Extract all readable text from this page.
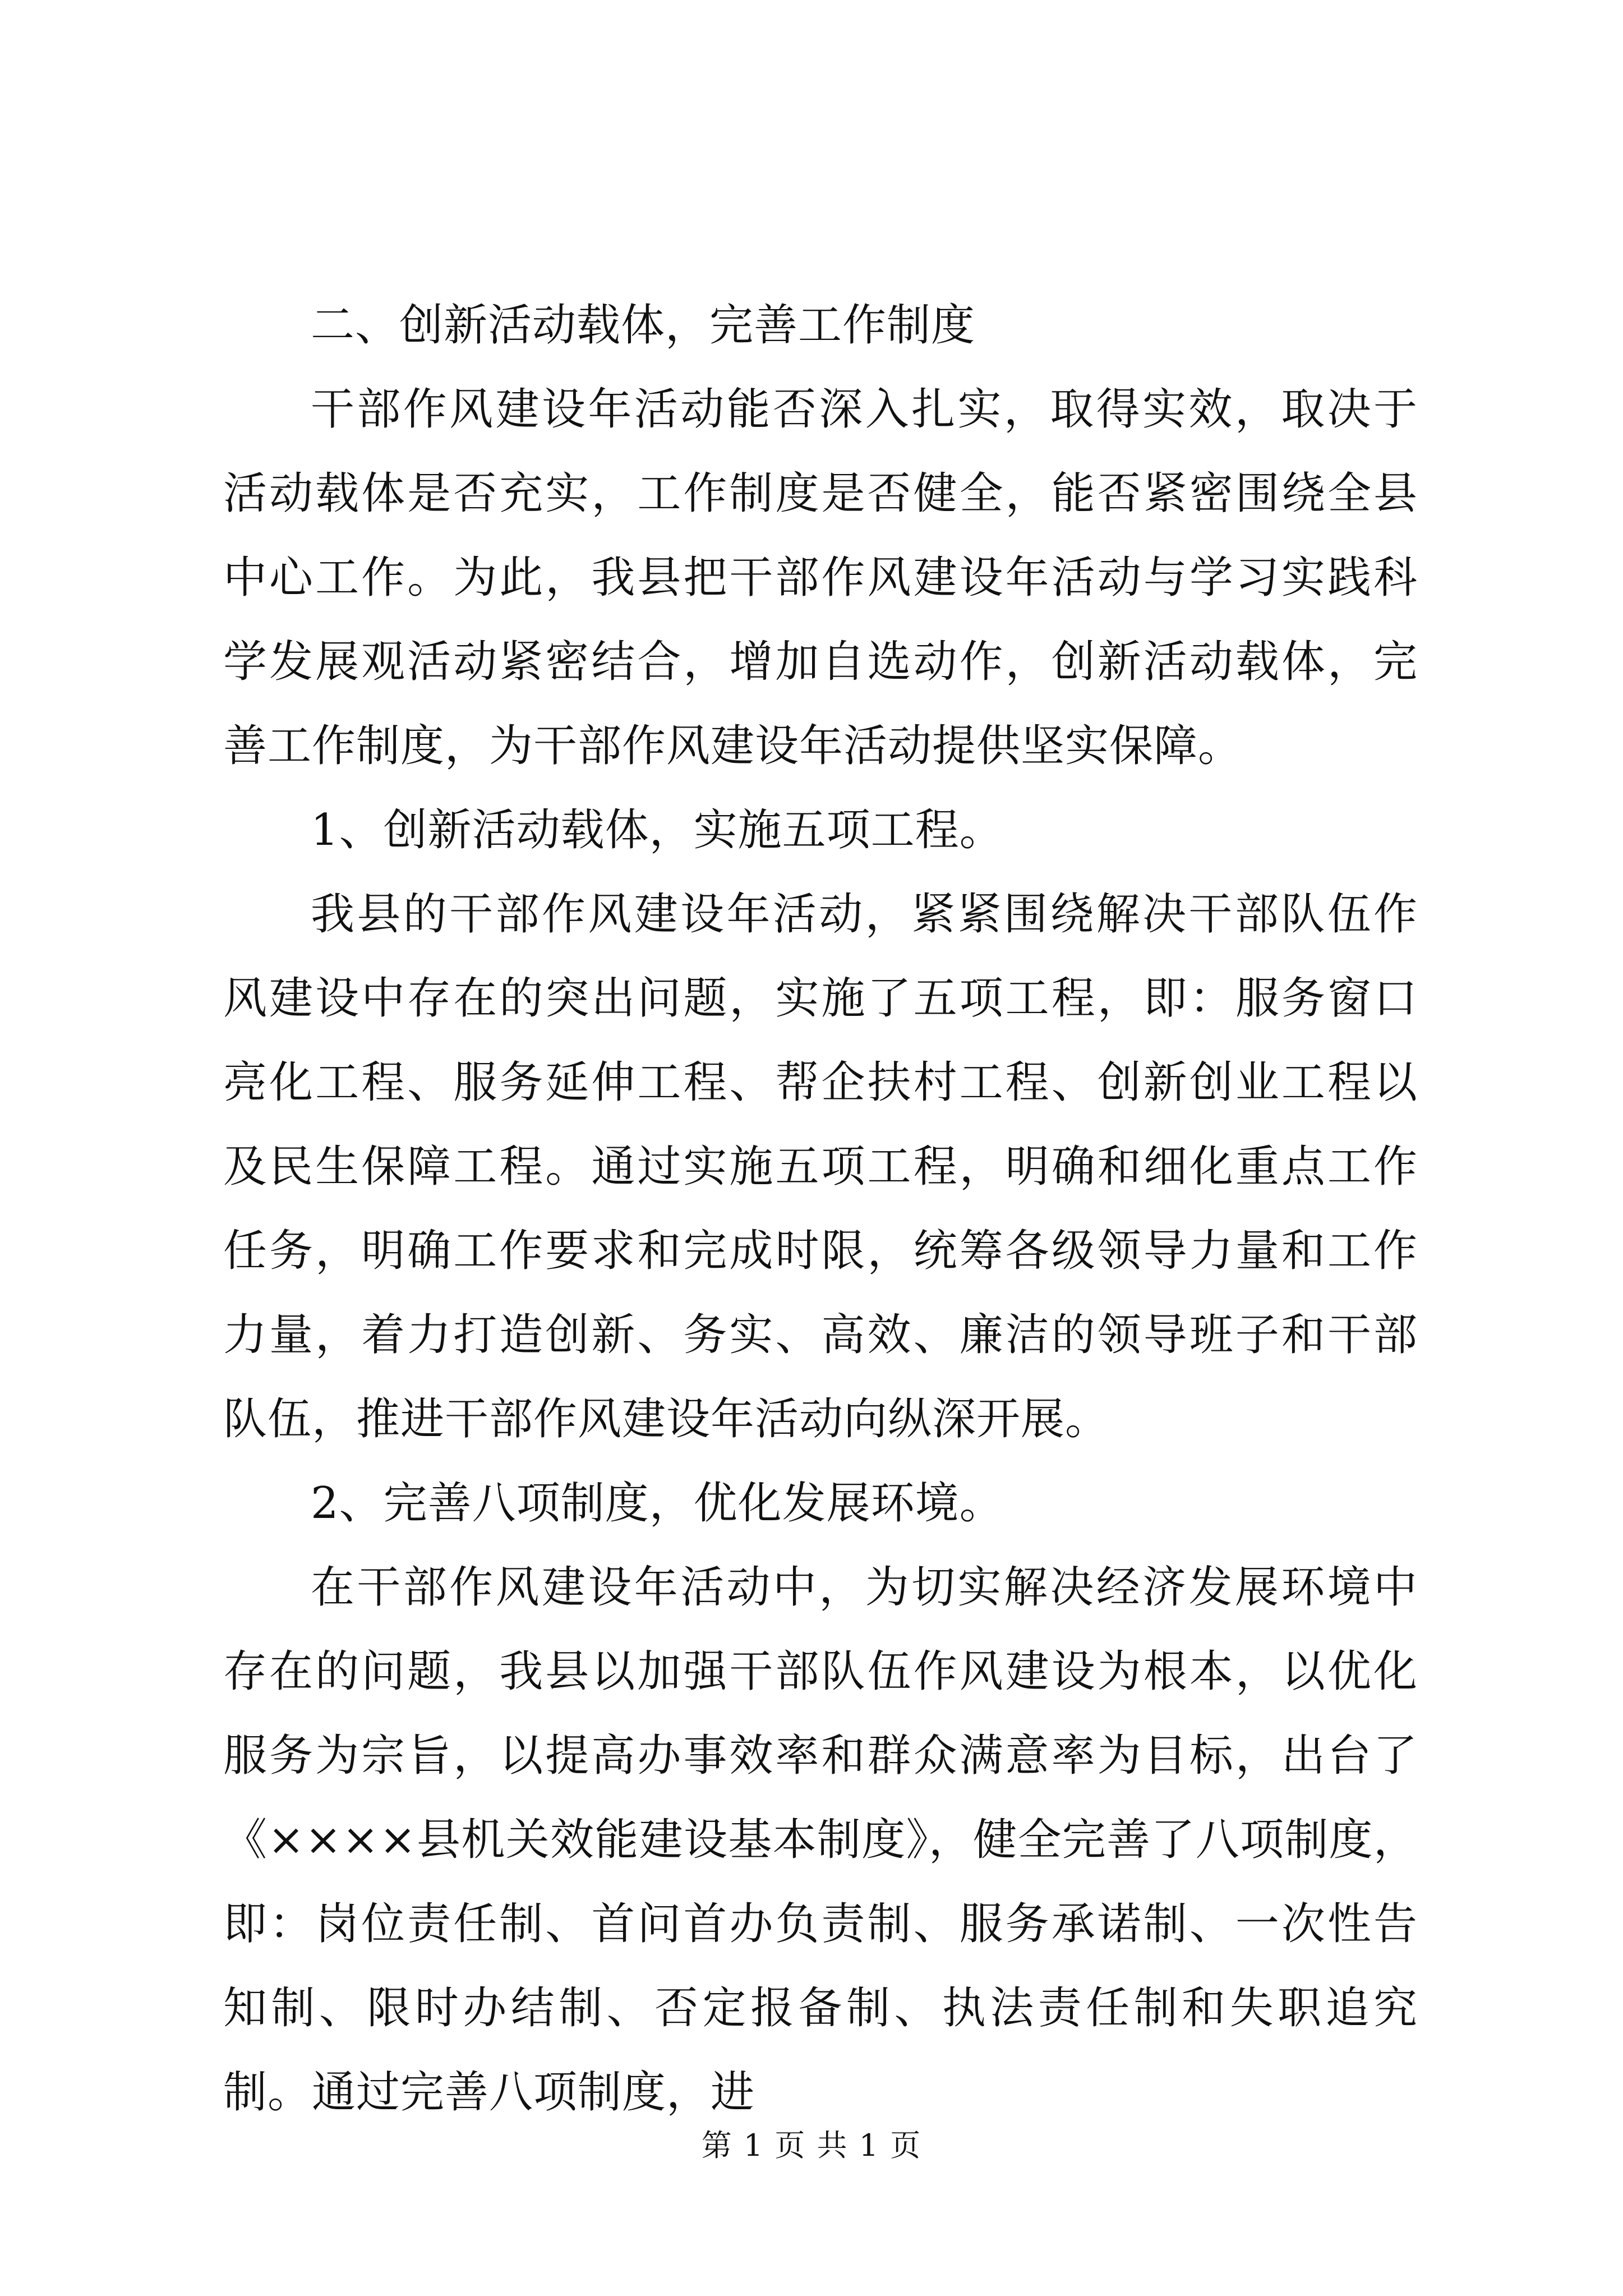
二、创新活动载体，完善工作制度

干部作风建设年活动能否深入扎实，取得实效，取决于活动载体是否充实，工作制度是否健全，能否紧密围绕全县中心工作。为此，我县把干部作风建设年活动与学习实践科学发展观活动紧密结合，增加自选动作，创新活动载体，完善工作制度，为干部作风建设年活动提供坚实保障。

1、创新活动载体，实施五项工程。

我县的干部作风建设年活动，紧紧围绕解决干部队伍作风建设中存在的突出问题，实施了五项工程，即：服务窗口亮化工程、服务延伸工程、帮企扶村工程、创新创业工程以及民生保障工程。通过实施五项工程，明确和细化重点工作任务，明确工作要求和完成时限，统筹各级领导力量和工作力量，着力打造创新、务实、高效、廉洁的领导班子和干部队伍，推进干部作风建设年活动向纵深开展。

2、完善八项制度，优化发展环境。

在干部作风建设年活动中，为切实解决经济发展环境中存在的问题，我县以加强干部队伍作风建设为根本，以优化服务为宗旨，以提高办事效率和群众满意率为目标，出台了《××××县机关效能建设基本制度》，健全完善了八项制度，即：岗位责任制、首问首办负责制、服务承诺制、一次性告知制、限时办结制、否定报备制、执法责任制和失职追究制。通过完善八项制度，进

第 1 页 共 1 页
